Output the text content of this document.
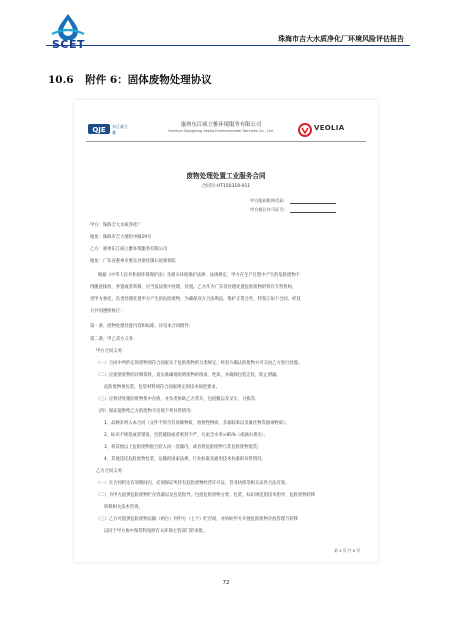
SCET	珠海市吉大水质净化厂环境风险评估报告
10.6 附件 6：固体废物处理协议
QJE 东江威立雅
惠州东江威立雅环境服务有限公司
Huizhou Dongjiang Veolia Environmental Services Co., Ltd.	VEOLIA
废物处理处置工业服务合同
合同号:HT150319-011
甲方组织机构代码：
甲方排污许可证号：
甲方：珠海吉大水质净化厂
地址：珠海市吉大情侣中路29号
乙方：惠州东江威立雅环境服务有限公司
地址：广东省惠州市惠东县梁化镇石屋寮洞坑
根据《中华人民共和国环境保护法》及相关环境保护法律、法规规定，甲方在生产过程中产生的危险废物不
得随意排放、弃置或者转移，应当依法集中处理、处置。乙方作为广东省处理处置危险废物的特许专营机构，
受甲方委托，负责处理处置甲方产生的危险废物。为确保双方合法利益，维护正常合作，特签订如下合同，经双
方共同遵照执行：
第一条、废物处理处置内容和标准，详见本合同附件；
第二条、甲乙双方义务：
甲方合同义务：
（一）合同中所约定的废物须符合国家关于危险废物的分类规定，经双方确认的废物方可交由乙方进行处置。
（二）应提供废物的详细资料，真实准确地说明废物的组成、性质，并确保包装完好，防止泄漏。
危险废物须包装，包装材料须符合国家规定的技术规范要求。
（三）应将待处理的废物集中存放，并负责协助乙方装车，包括搬运及叉车、分拣等。
（四）保证提供给乙方的废物不出现下列异常情况：
1、品种未列入本合同（文件不得含有易爆物质、放射性物质、多氯联苯以及氰化物等剧毒物质）；
2、标识不规范或者错误，包装破损或者密封不严，污泥含水率>85%（或滴水难出）；
3、将其他以上危险废物混合装入同一容器内，或者将危险废物与非危险废物混装；
4、其他违反危险废物包装、运输的国家法规、行业标准及通用技术标准的异常情况。
乙方合同义务：
（一）在合同约定有效期间内，必须保证所持有危险废物经营许可证、营业执照等相关证件合法有效。
（二）为甲方提供危险废物贮存容器以及包装指导，包括危险废物分类、包装、标识规范的技术指导、危险废物转移
转移相关技术咨询。
（三）乙方可提供危险废物运输（两台）到甲方（七个）贮存间，并协助甲方开展危险废物存放管理与转移
以同于甲方协中保管科按照有关环保主管部门的审批。
第 4 页 共 8 页
72
